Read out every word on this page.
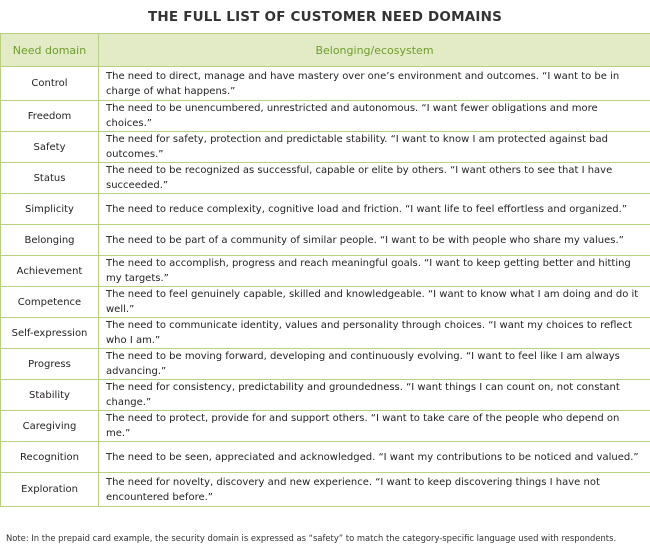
THE FULL LIST OF CUSTOMER NEED DOMAINS
Need domain	Belonging/ecosystem
Control	The need to direct, manage and have mastery over one’s environment and outcomes. “I want to be in charge of what happens.”
Freedom	The need to be unencumbered, unrestricted and autonomous. “I want fewer obligations and more choices.”
Safety	The need for safety, protection and predictable stability. “I want to know I am protected against bad outcomes.”
Status	The need to be recognized as successful, capable or elite by others. “I want others to see that I have succeeded.”
Simplicity	The need to reduce complexity, cognitive load and friction. “I want life to feel effortless and organized.”
Belonging	The need to be part of a community of similar people. “I want to be with people who share my values.”
Achievement	The need to accomplish, progress and reach meaningful goals. “I want to keep getting better and hitting my targets.”
Competence	The need to feel genuinely capable, skilled and knowledgeable. “I want to know what I am doing and do it well.”
Self-expression	The need to communicate identity, values and personality through choices. “I want my choices to reflect who I am.”
Progress	The need to be moving forward, developing and continuously evolving. “I want to feel like I am always advancing.”
Stability	The need for consistency, predictability and groundedness. “I want things I can count on, not constant change.”
Caregiving	The need to protect, provide for and support others. “I want to take care of the people who depend on me.”
Recognition	The need to be seen, appreciated and acknowledged. “I want my contributions to be noticed and valued.”
Exploration	The need for novelty, discovery and new experience. “I want to keep discovering things I have not encountered before.”
Note: In the prepaid card example, the security domain is expressed as “safety” to match the category-specific language used with respondents.
